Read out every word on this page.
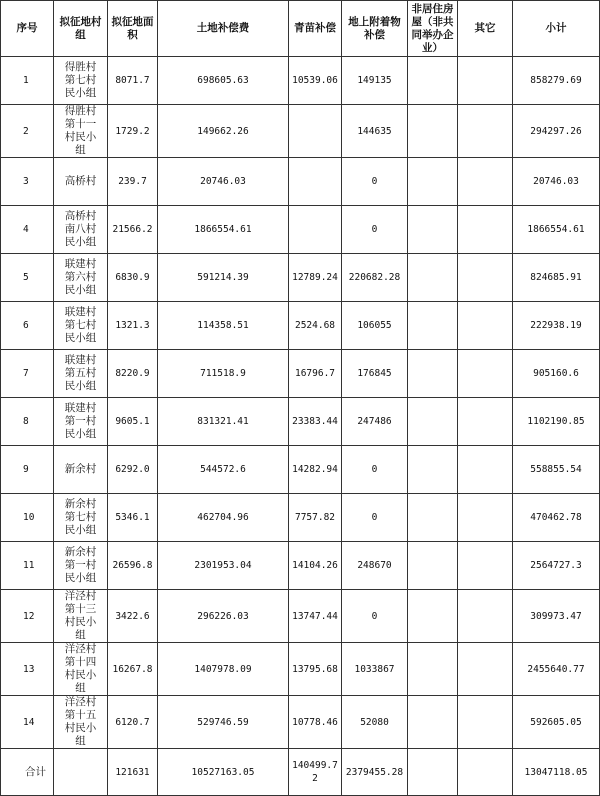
序号	拟征地村组	拟征地面积	土地补偿费	青苗补偿	地上附着物补偿	非居住房屋（非共同举办企业）	其它	小计
1	得胜村第七村民小组	8071.7	698605.63	10539.06	149135			858279.69
2	得胜村第十一村民小组	1729.2	149662.26		144635			294297.26
3	高桥村	239.7	20746.03		0			20746.03
4	高桥村南八村民小组	21566.2	1866554.61		0			1866554.61
5	联建村第六村民小组	6830.9	591214.39	12789.24	220682.28			824685.91
6	联建村第七村民小组	1321.3	114358.51	2524.68	106055			222938.19
7	联建村第五村民小组	8220.9	711518.9	16796.7	176845			905160.6
8	联建村第一村民小组	9605.1	831321.41	23383.44	247486			1102190.85
9	新余村	6292.0	544572.6	14282.94	0			558855.54
10	新余村第七村民小组	5346.1	462704.96	7757.82	0			470462.78
11	新余村第一村民小组	26596.8	2301953.04	14104.26	248670			2564727.3
12	洋泾村第十三村民小组	3422.6	296226.03	13747.44	0			309973.47
13	洋泾村第十四村民小组	16267.8	1407978.09	13795.68	1033867			2455640.77
14	洋泾村第十五村民小组	6120.7	529746.59	10778.46	52080			592605.05
合计		121631	10527163.05	140499.72	2379455.28			13047118.05
